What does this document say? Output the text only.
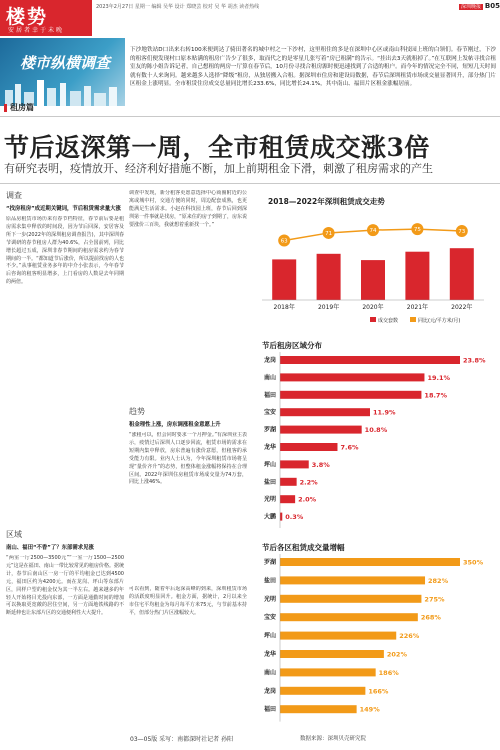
楼势
安居者幸于未晚
2023年2月27日 星期一 编辑 吴华 设计 郑晓芸 校对 吴 华 胡杰 读者热线	深圳晚报 B05
楼市纵横调查
租房篇
下沙地铁站D口出来右转100米便到达了骑田著名的城中村之一下沙村，这里租住的多是在深圳中心区或南山科技园上班的白领们。春节刚过，下沙的租客们便发现村口原本贴满的租房广告少了很多，取而代之的是零星几张写着“房已租满”的告示。“挂出去3天就租掉了。”在互联网上发帖寻找合租室友的陈小姐告诉记者，自己想租的两房一厅算在春节后，10月份寻找合租房源时便迅速找到了合适的租户。而今年的情况完全不同，短短几天时间就有数十人来询问。越来越多人选择“降级”租房，从独居搬入合租。据深圳市住房和建设局数据，春节后深圳租赁市场成交量显著回升，部分热门片区租金上涨明显。全市租赁住房成交总量同比增长233.6%，同比增长24.1%，其中南山、福田片区租金涨幅居前。
节后返深第一周，全市租赁成交涨3倍
有研究表明，疫情放开、经济利好措施不断，加上前期租金下滑，刺激了租房需求的产生
调查
“找房租房”成近期关键词，节后租赁需求量大涨
原品房租赁市场历来有春节档特征，春节前后要是租房需求集中释放的时间段，因为节后回深，安居客及所下一步(2022年的深圳租房调查报告)，其中深圳春节调研的春节租房人群为40.6%，占全国前列，同比增长超过五成，深圳非春节期间的租房需求约为春节期间的一半。“都知道节后涨价，所以提前找房的人也不少。”从事租赁业务多年的中介小张表示，今年春节后咨询的租客明显增多，上门看房的人数是去年同期的两倍。
区域
南山、福田“不香”了？东部需求见涨
“两室一厅2500—3500元”“一室一厅1500—2500元”这是在福田、南山一带比较常见的租房价格。据统计，春节后南山区一房一厅的平均租金已达到4500元，福田区约为4200元。而在龙岗、坪山等东部片区，同样户型的租金仅为其一半左右。越来越多的年轻人开始将目光投向东部，一方面是通勤时间的增加可以换取更宽敞的居住空间，另一方面地铁线路的不断延伸也让东部片区的交通便利性大大提升。
调查中发现，新分租客更愿意选择中心商圈附近的公寓或城中村，交通方便的同时，周边配套成熟，也更能满足生活需求。小赵在科技园上班，春节后回到深圳第一件事就是找房，“原来住的房子到期了，房东说要涨价三百块，我就想着重新找一个。”
趋势
租金理性上涨，房东调涨租金意愿上升
“涨租可以，但会同时要求一个月押金。”有深圳业主表示，疫情过后深圳人口逐步回流，租赁市场的需求在短期内集中释放，房东普遍有涨价意愿，但租客的承受能力有限。业内人士认为，今年深圳租赁市场将呈现“量价齐升”的态势，但整体租金涨幅将保持在合理区间。2022年深圳住房租赁市场成交量为74万套，同比上涨46%。
可以看到，随着年后返深高峰的到来，深圳租赁市场的活跃度明显回升。租金方面，据统计，2月以来全市住宅平均租金为每月每平方米75元，与节前基本持平，但部分热门片区涨幅较大。
2018—2022年深圳租赁成交走势
63
2018年
71
2019年
74
2020年
75
2021年
73
2022年
成交套数	同比(元/平方米/月)
节后租房区域分布
龙岗	23.8%
南山	19.1%
福田	18.7%
宝安	11.9%
罗湖	10.8%
龙华	7.6%
坪山	3.8%
盐田	2.2%
光明	2.0%
大鹏 0.3%
节后各区租赁成交量增幅
罗湖	350%
盐田	282%
光明	275%
宝安	268%
坪山	226%
龙华	202%
南山	186%
龙岗	166%
福田	149%
数据来源：深圳贝壳研究院
03—05版 采写：南都深时社记者 孙阳
